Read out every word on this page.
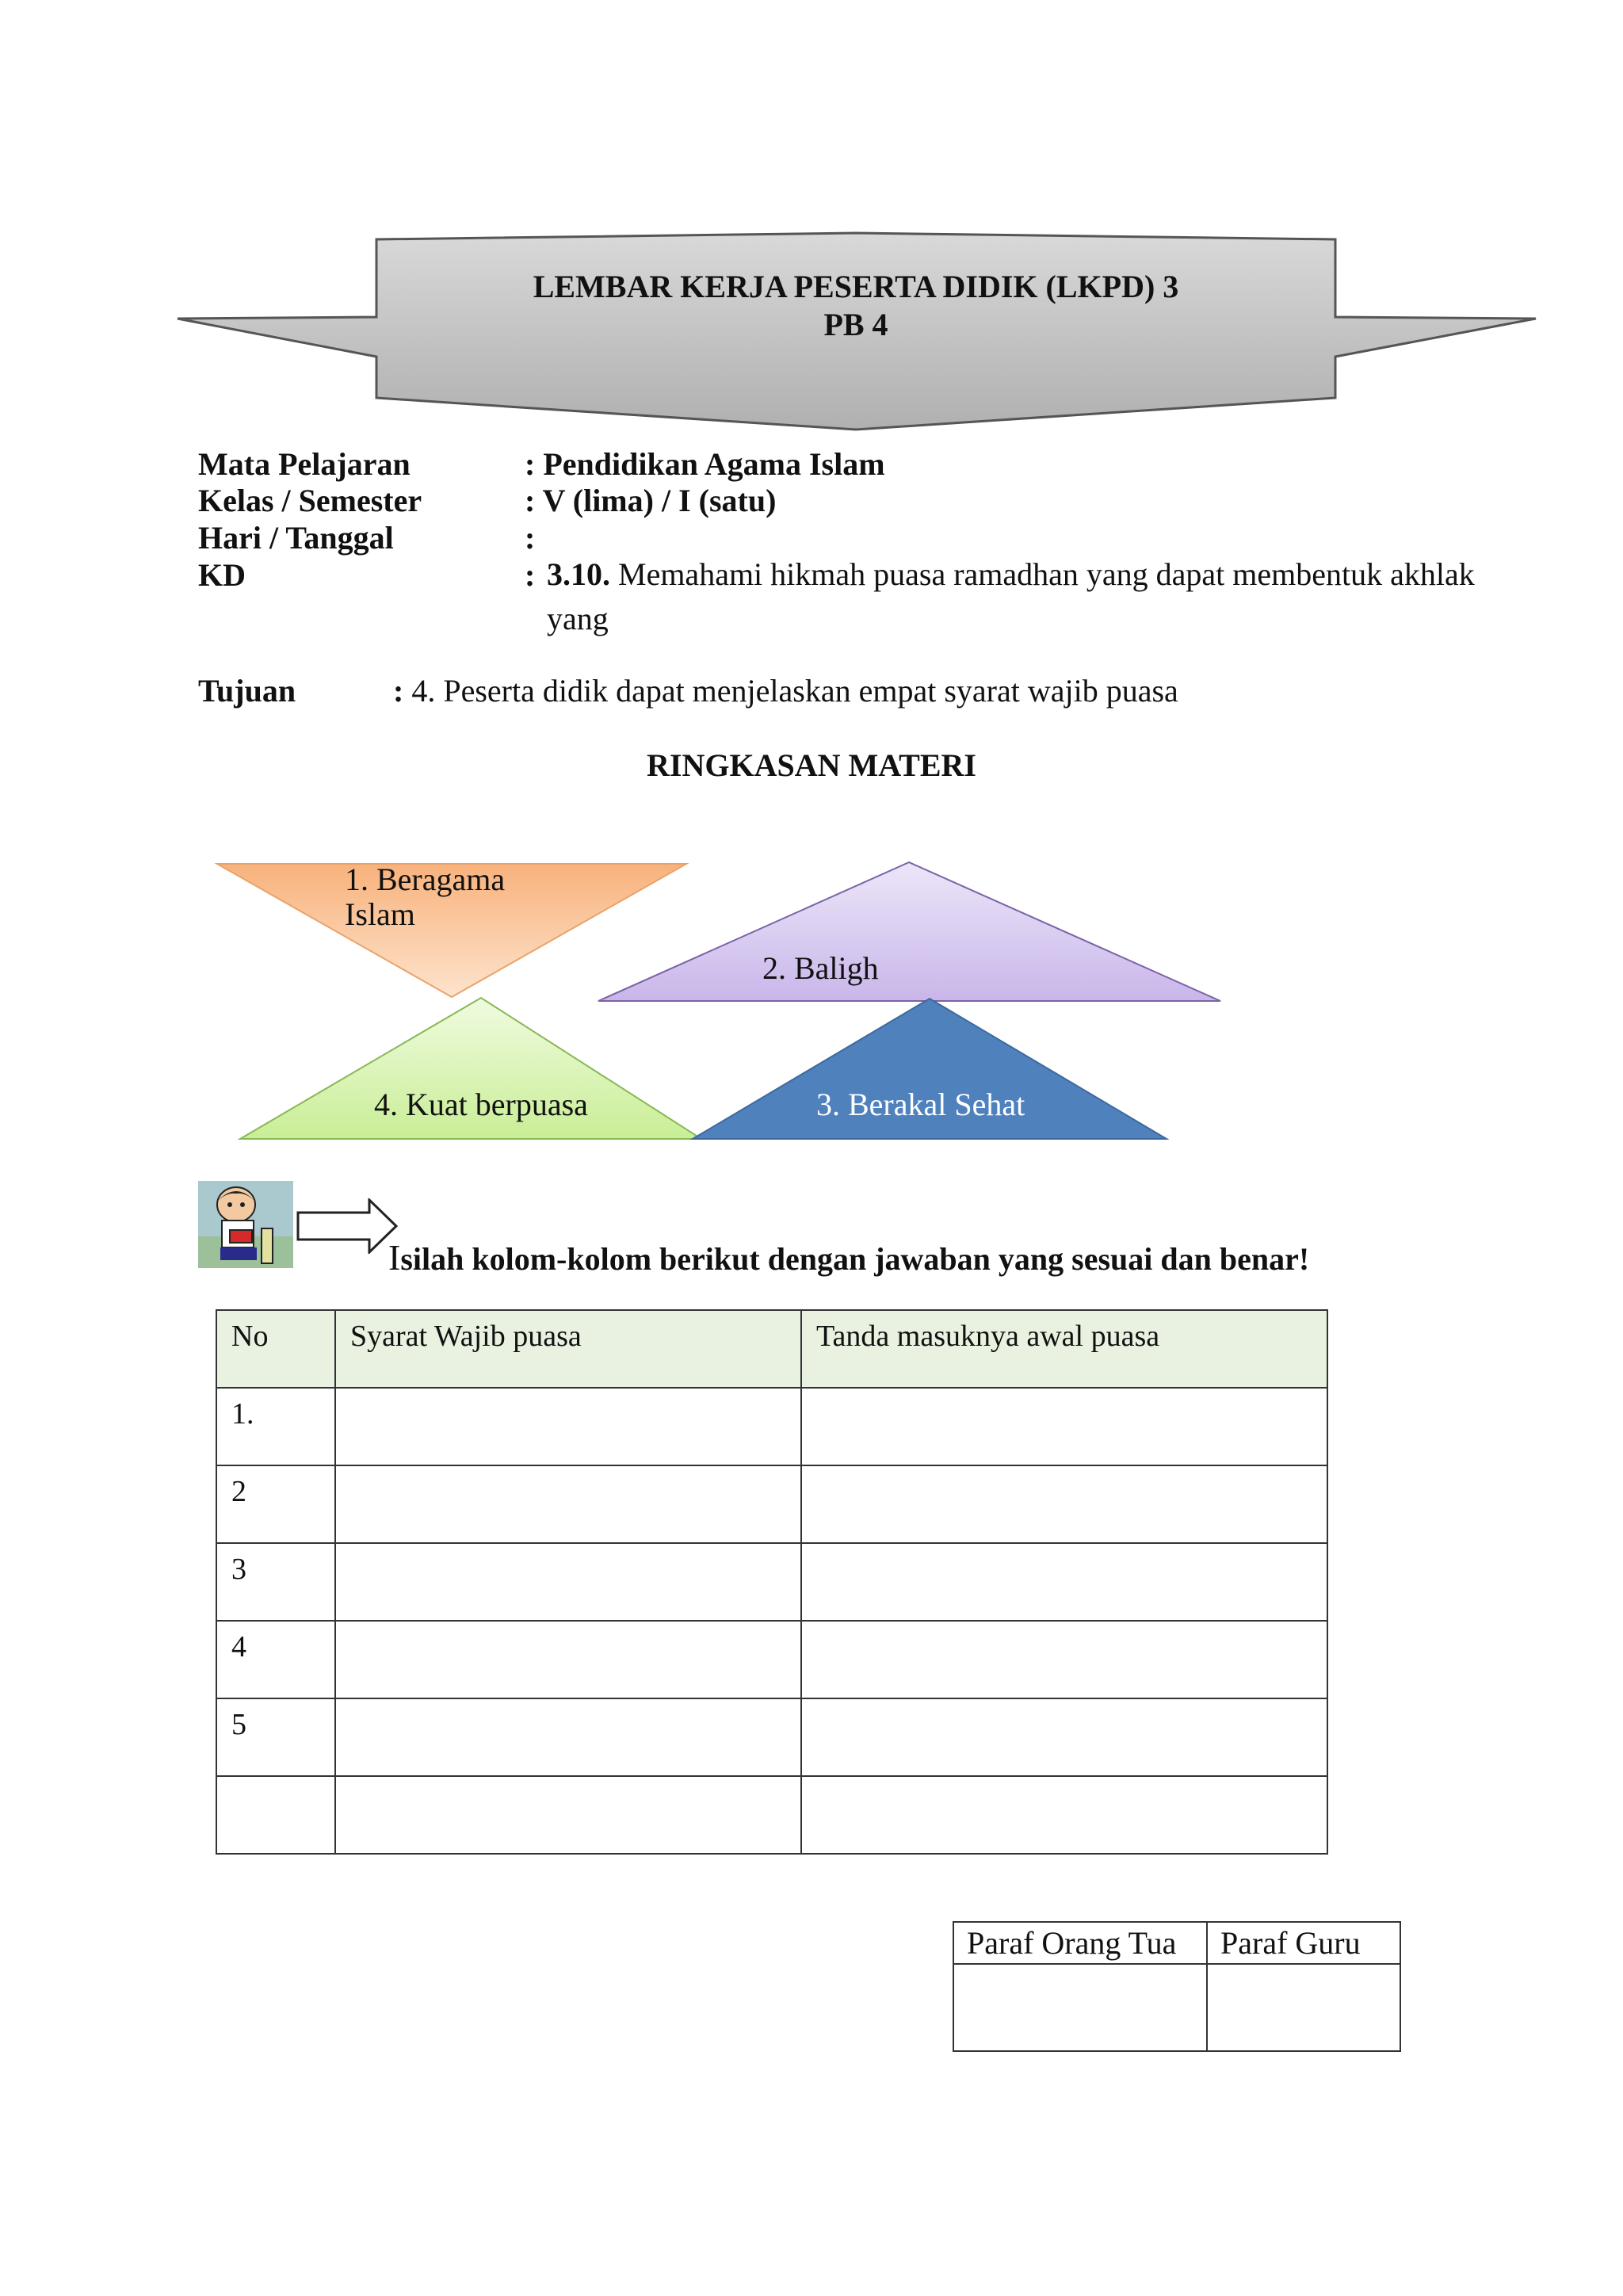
LEMBAR KERJA PESERTA DIDIK (LKPD) 3
PB 4
Mata Pelajaran	: Pendidikan Agama Islam
Kelas / Semester	: V (lima) / I (satu)
Hari / Tanggal	:
KD	: 3.10. Memahami hikmah puasa ramadhan yang dapat membentuk akhlak yang
Tujuan	: 4. Peserta didik dapat menjelaskan empat syarat wajib puasa
RINGKASAN MATERI
1. Beragama
Islam
2. Baligh
4. Kuat berpuasa	3. Berakal Sehat
Isilah kolom-kolom berikut dengan jawaban yang sesuai dan benar!
No	Syarat Wajib puasa	Tanda masuknya awal puasa
1.		
2		
3		
4		
5		

Paraf Orang Tua	Paraf Guru
